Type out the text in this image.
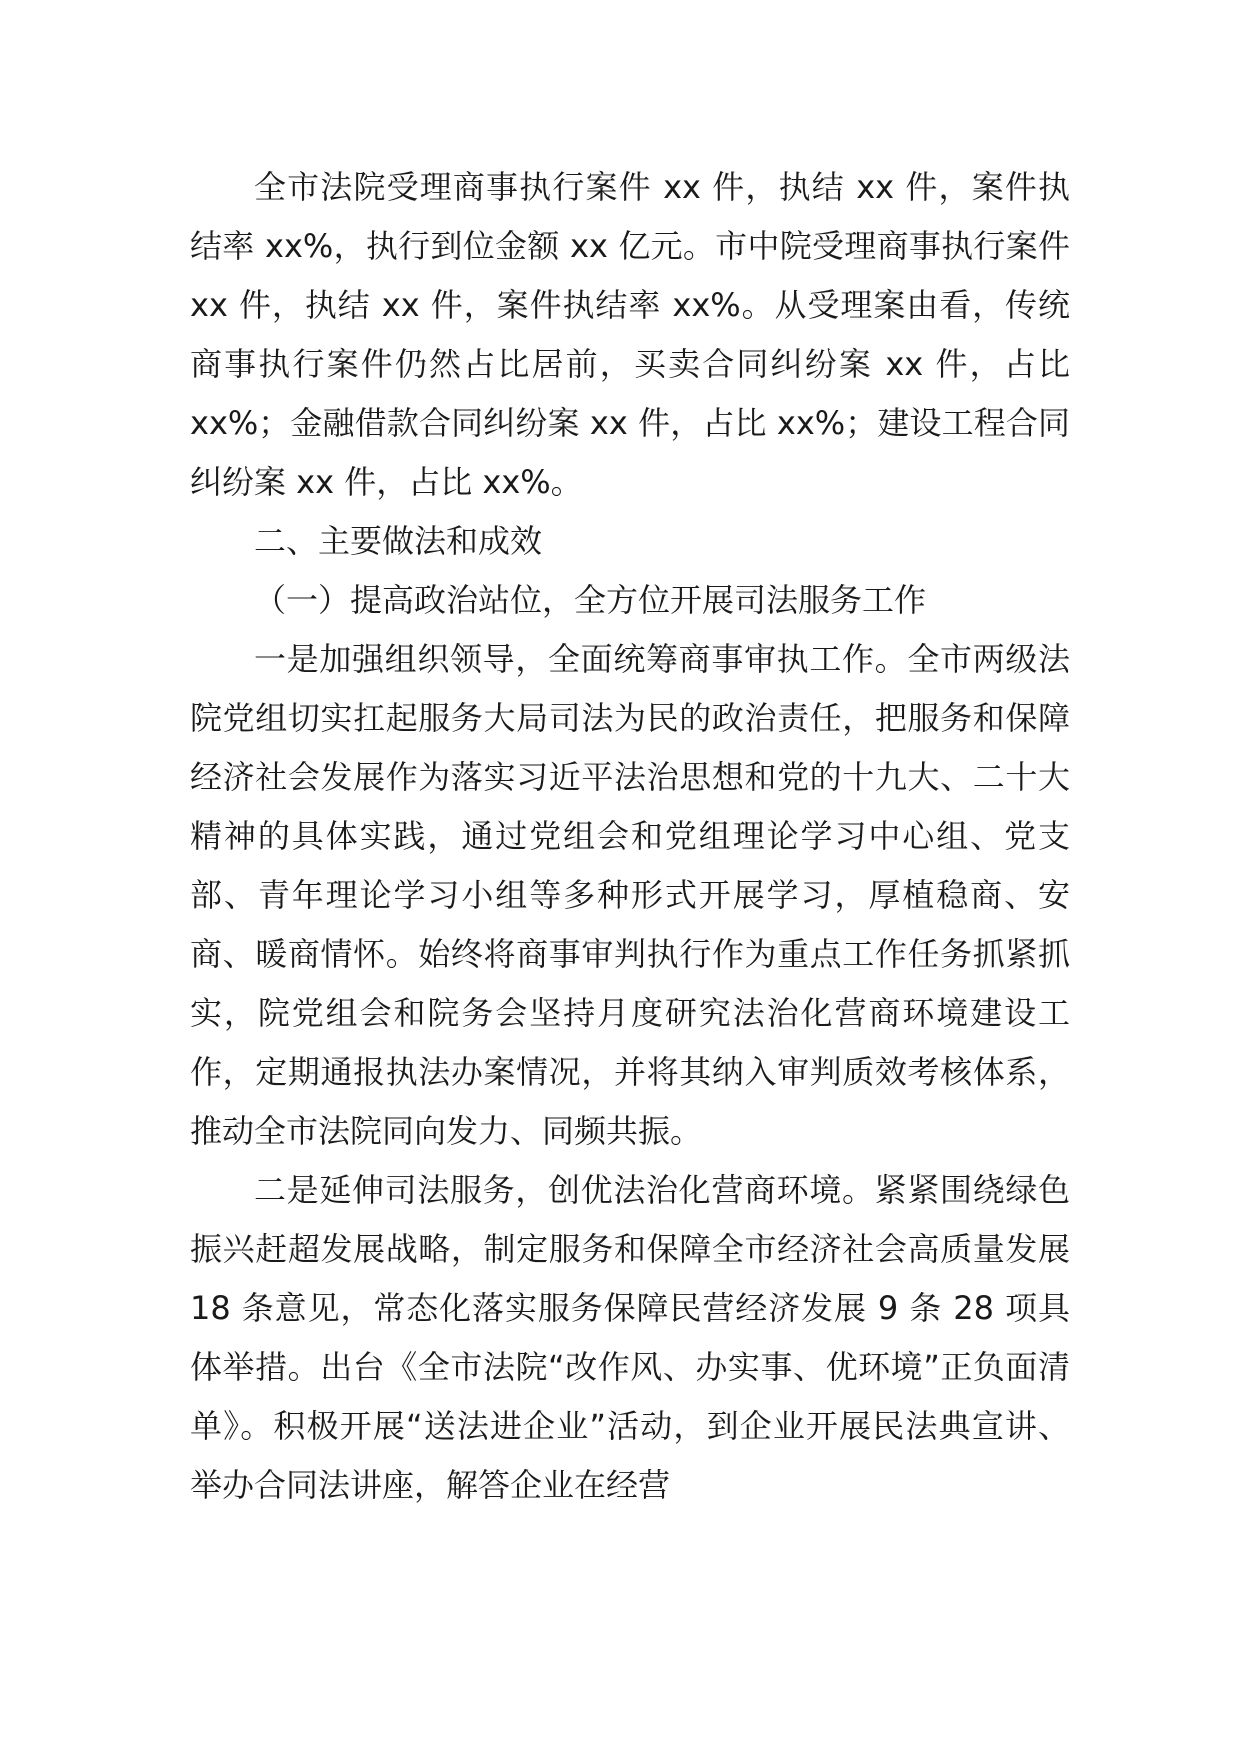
全市法院受理商事执行案件 xx 件，执结 xx 件，案件执结率 xx%，执行到位金额 xx 亿元。市中院受理商事执行案件 xx 件，执结 xx 件，案件执结率 xx%。从受理案由看，传统商事执行案件仍然占比居前，买卖合同纠纷案 xx 件，占比 xx%；金融借款合同纠纷案 xx 件，占比 xx%；建设工程合同纠纷案 xx 件，占比 xx%。

二、主要做法和成效

（一）提高政治站位，全方位开展司法服务工作

一是加强组织领导，全面统筹商事审执工作。全市两级法院党组切实扛起服务大局司法为民的政治责任，把服务和保障经济社会发展作为落实习近平法治思想和党的十九大、二十大精神的具体实践，通过党组会和党组理论学习中心组、党支部、青年理论学习小组等多种形式开展学习，厚植稳商、安商、暖商情怀。始终将商事审判执行作为重点工作任务抓紧抓实，院党组会和院务会坚持月度研究法治化营商环境建设工作，定期通报执法办案情况，并将其纳入审判质效考核体系，推动全市法院同向发力、同频共振。

二是延伸司法服务，创优法治化营商环境。紧紧围绕绿色振兴赶超发展战略，制定服务和保障全市经济社会高质量发展 18 条意见，常态化落实服务保障民营经济发展 9 条 28 项具体举措。出台《全市法院“改作风、办实事、优环境”正负面清单》。积极开展“送法进企业”活动，到企业开展民法典宣讲、举办合同法讲座，解答企业在经营
